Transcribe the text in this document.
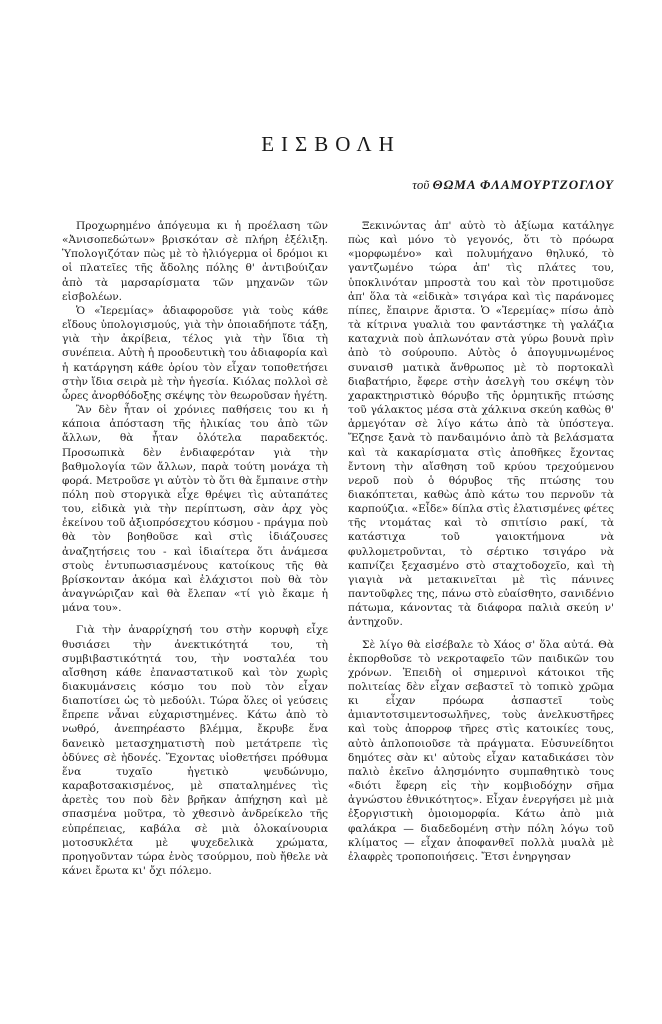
ΕΙΣΒΟΛΗ
τοῦ ΘΩΜΑ ΦΛΑΜΟΥΡΤΖΟΓΛΟΥ

Προχωρημένο ἀπόγευμα κι ἡ προέλαση τῶν «Ἀνισοπεδώτων» βρισκόταν σὲ πλήρη ἐξέλιξη. Ὑπολογιζόταν πὼς μὲ τὸ ἡλιόγερμα οἱ δρόμοι κι οἱ πλατεῖες τῆς ἄδολης πόλης θ' ἀντιβούιζαν ἀπὸ τὰ μαρσαρίσματα τῶν μηχανῶν τῶν εἰσβολέων.

Ὁ «Ἱερεμίας» ἀδιαφοροῦσε γιὰ τοὺς κάθε εἴδους ὑπολογισμούς, γιὰ τὴν ὁποιαδήποτε τάξη, γιὰ τὴν ἀκρίβεια, τέλος γιὰ τὴν ἴδια τὴ συνέπεια. Αὐτὴ ἡ προοδευτικὴ του ἀδιαφορία καὶ ἡ κατάργηση κάθε ὁρίου τὸν εἶχαν τοποθετήσει στὴν ἴδια σειρὰ μὲ τὴν ἡγεσία. Κιόλας πολλοὶ σὲ ὧρες ἀνορθόδοξης σκέψης τὸν θεωροῦσαν ἡγέτη.

Ἂν δὲν ἦταν οἱ χρόνιες παθήσεις του κι ἡ κάποια ἀπόσταση τῆς ἡλικίας του ἀπὸ τῶν ἄλλων, θὰ ἦταν ὁλότελα παραδεκτός. Προσωπικὰ δὲν ἐνδιαφερόταν γιὰ τὴν βαθμολογία τῶν ἄλλων, παρὰ τούτη μονάχα τὴ φορά. Μετροῦσε γι αὐτὸν τὸ ὅτι θὰ ἔμπαινε στὴν πόλη ποὺ στοργικὰ εἶχε θρέψει τὶς αὐταπάτες του, εἰδικὰ γιὰ τὴν περίπτωση, σὰν ἀρχ γὸς ἐκείνου τοῦ ἀξιοπρόσεχτου κόσμου - πράγμα ποὺ θὰ τὸν βοηθοῦσε καὶ στὶς ἰδιάζουσες ἀναζητήσεις του - καὶ ἰδιαίτερα ὅτι ἀνάμεσα στοὺς ἐντυπωσιασμένους κατοίκους τῆς θὰ βρίσκονταν ἀκόμα καὶ ἐλάχιστοι ποὺ θὰ τὸν ἀναγνώριζαν καὶ θὰ ἔλεπαν «τί γιὸ ἔκαμε ἡ μάνα του».

Γιὰ τὴν ἀναρρίχησή του στὴν κορυφὴ εἶχε θυσιάσει τὴν ἀνεκτικότητά του, τὴ συμβιβαστικότητά του, τὴν νοσταλέα του αἴσθηση κάθε ἐπαναστατικοῦ καὶ τὸν χωρὶς διακυμάνσεις κόσμο του ποὺ τὸν εἶχαν διαποτίσει ὡς τὸ μεδούλι. Τώρα ὅλες οἱ γεύσεις ἔπρεπε νἆναι εὐχαριστημένες. Κάτω ἀπὸ τὸ νωθρό, ἀνεπηρέαστο βλέμμα, ἔκρυβε ἕνα δανεικὸ μετασχηματιστὴ ποὺ μετάτρεπε τὶς ὀδύνες σὲ ἡδονές. Ἔχοντας υἱοθετήσει πρόθυμα ἕνα τυχαῖο ἡγετικὸ ψευδώνυμο, καραβοτσακισμένος, μὲ σπαταλημένες τὶς ἀρετὲς του ποὺ δὲν βρῆκαν ἀπήχηση καὶ μὲ σπασμένα μοῦτρα, τὸ χθεσινὸ ἀνδρείκελο τῆς εὐπρέπειας, καβάλα σὲ μιὰ ὁλοκαίνουρια μοτοσυκλέτα μὲ ψυχεδελικὰ χρώματα, προηγοῦνταν τώρα ἑνὸς τσούρμου, ποὺ ἤθελε νὰ κάνει ἔρωτα κι' ὄχι πόλεμο.

Ξεκινώντας ἀπ' αὐτὸ τὸ ἀξίωμα κατάληγε πὼς καὶ μόνο τὸ γεγονός, ὅτι τὸ πρόωρα «μορφωμένο» καὶ πολυμήχανο θηλυκό, τὸ γαντζωμένο τώρα ἀπ' τὶς πλάτες του, ὑποκλινόταν μπροστὰ του καὶ τὸν προτιμοῦσε ἀπ' ὅλα τὰ «εἰδικὰ» τσιγάρα καὶ τὶς παράνομες πίπες, ἔπαιρνε ἄριστα. Ὁ «Ἱερεμίας» πίσω ἀπὸ τὰ κίτρινα γυαλιὰ του φαντάστηκε τὴ γαλάζια καταχνιὰ ποὺ ἁπλωνόταν στὰ γύρω βουνὰ πρὶν ἀπὸ τὸ σούρουπο. Αὐτὸς ὁ ἀπογυμνωμένος συναισθ ματικὰ ἄνθρωπος μὲ τὸ πορτοκαλὶ διαβατήριο, ἔφερε στὴν ἀσελγὴ του σκέψη τὸν χαρακτηριστικὸ θόρυβο τῆς ὁρμητικῆς πτώσης τοῦ γάλακτος μέσα στὰ χάλκινα σκεύη καθὼς θ' ἁρμεγόταν σὲ λίγο κάτω ἀπὸ τὰ ὑπόστεγα. Ἔζησε ξανὰ τὸ πανδαιμόνιο ἀπὸ τὰ βελάσματα καὶ τὰ κακαρίσματα στὶς ἀποθῆκες ἔχοντας ἔντονη τὴν αἴσθηση τοῦ κρύου τρεχούμενου νεροῦ ποὺ ὁ θόρυβος τῆς πτώσης του διακόπτεται, καθὼς ἀπὸ κάτω του περνοῦν τὰ καρπούζια. «Εἶδε» δίπλα στὶς ἐλατισμένες φέτες τῆς ντομάτας καὶ τὸ σπιτίσιο ρακί, τὰ κατάστιχα τοῦ γαιοκτήμονα νὰ φυλλομετροῦνται, τὸ σέρτικο τσιγάρο νὰ καπνίζει ξεχασμένο στὸ σταχτοδοχεῖο, καὶ τὴ γιαγιὰ νὰ μετακινεῖται μὲ τὶς πάνινες παντοῦφλες της, πάνω στὸ εὐαίσθητο, σανιδένιο πάτωμα, κάνοντας τὰ διάφορα παλιὰ σκεύη ν' ἀντηχοῦν.

Σὲ λίγο θὰ εἰσέβαλε τὸ Χάος σ' ὅλα αὐτά. Θὰ ἐκπορθοῦσε τὸ νεκροταφεῖο τῶν παιδικῶν του χρόνων. Ἐπειδὴ οἱ σημερινοὶ κάτοικοι τῆς πολιτείας δὲν εἶχαν σεβαστεῖ τὸ τοπικὸ χρῶμα κι εἶχαν πρόωρα ἀσπαστεῖ τοὺς ἀμιαντοτσιμεντοσωλῆνες, τοὺς ἀνελκυστῆρες καὶ τοὺς ἀπορροφ τῆρες στὶς κατοικίες τους, αὐτὸ ἀπλοποιοῦσε τὰ πράγματα. Εὐσυνείδητοι δημότες σὰν κι' αὐτοὺς εἶχαν καταδικάσει τὸν παλιὸ ἐκεῖνο ἀλησμόνητο συμπαθητικὸ τους «διότι ἔφερη εἰς τὴν κομβιοδόχην σῆμα ἀγνώστου ἐθνικότητος». Εἶχαν ἐνεργήσει μὲ μιὰ ἐξοργιστικὴ ὁμοιομορφία. Κάτω ἀπὸ μιὰ φαλάκρα — διαδεδομένη στὴν πόλη λόγω τοῦ κλίματος — εἶχαν ἀποφανθεῖ πολλὰ μυαλὰ μὲ ἐλαφρὲς τροποποιήσεις. Ἔτσι ἐνηργησαν
